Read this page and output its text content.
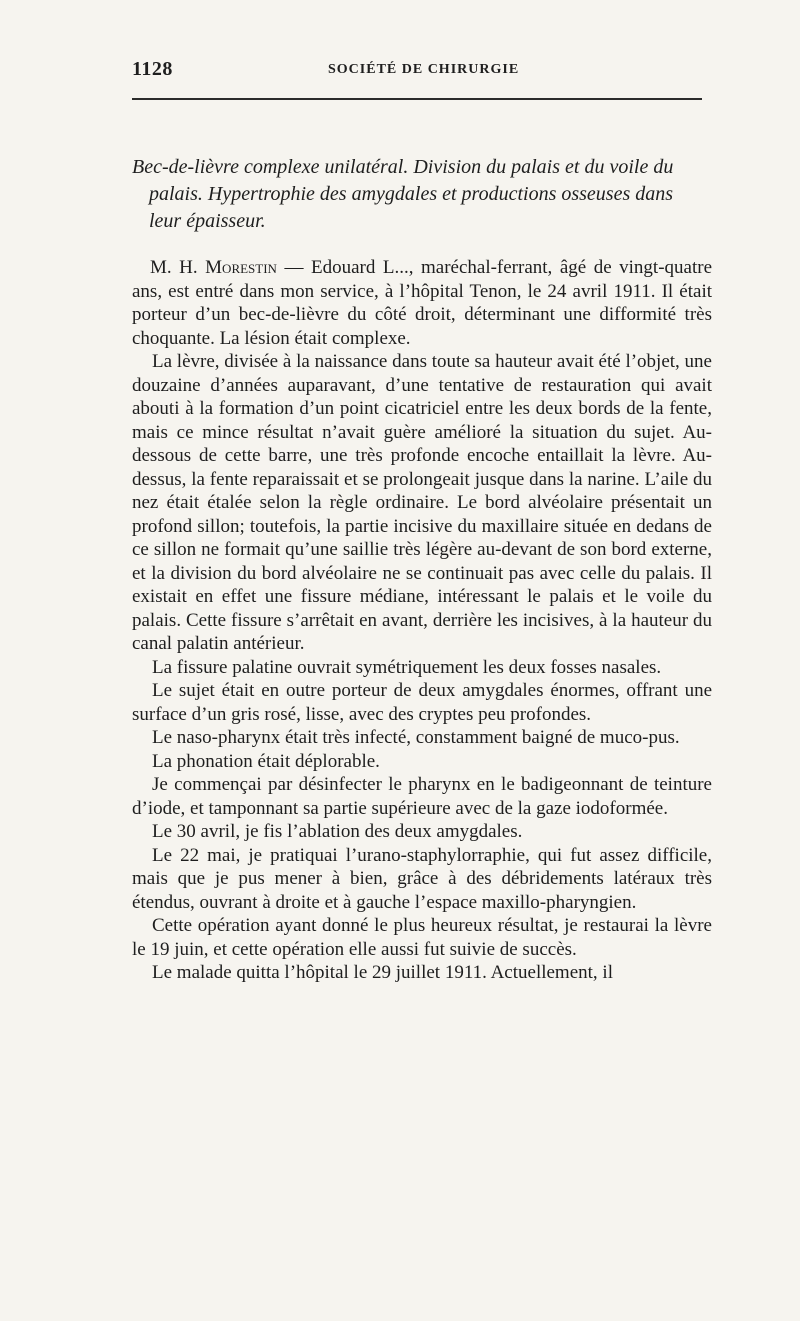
1128	SOCIÉTÉ DE CHIRURGIE
Bec-de-lièvre complexe unilatéral. Division du palais et du voile du
palais. Hypertrophie des amygdales et productions osseuses dans
leur épaisseur.

M. H. Morestin — Edouard L..., maréchal-ferrant, âgé de vingt-quatre ans, est entré dans mon service, à l’hôpital Tenon, le 24 avril 1911. Il était porteur d’un bec-de-lièvre du côté droit, déterminant une difformité très choquante. La lésion était complexe.

La lèvre, divisée à la naissance dans toute sa hauteur avait été l’objet, une douzaine d’années auparavant, d’une tentative de restauration qui avait abouti à la formation d’un point cicatriciel entre les deux bords de la fente, mais ce mince résultat n’avait guère amélioré la situation du sujet. Au-dessous de cette barre, une très profonde encoche entaillait la lèvre. Au-dessus, la fente reparaissait et se prolongeait jusque dans la narine. L’aile du nez était étalée selon la règle ordinaire. Le bord alvéolaire présentait un profond sillon; toutefois, la partie incisive du maxillaire située en dedans de ce sillon ne formait qu’une saillie très légère au-devant de son bord externe, et la division du bord alvéolaire ne se continuait pas avec celle du palais. Il existait en effet une fissure médiane, intéressant le palais et le voile du palais. Cette fissure s’arrêtait en avant, derrière les incisives, à la hauteur du canal palatin antérieur.

La fissure palatine ouvrait symétriquement les deux fosses nasales.

Le sujet était en outre porteur de deux amygdales énormes, offrant une surface d’un gris rosé, lisse, avec des cryptes peu profondes.

Le naso-pharynx était très infecté, constamment baigné de muco-pus.

La phonation était déplorable.

Je commençai par désinfecter le pharynx en le badigeonnant de teinture d’iode, et tamponnant sa partie supérieure avec de la gaze iodoformée.

Le 30 avril, je fis l’ablation des deux amygdales.

Le 22 mai, je pratiquai l’urano-staphylorraphie, qui fut assez difficile, mais que je pus mener à bien, grâce à des débridements latéraux très étendus, ouvrant à droite et à gauche l’espace maxillo-pharyngien.

Cette opération ayant donné le plus heureux résultat, je restaurai la lèvre le 19 juin, et cette opération elle aussi fut suivie de succès.

Le malade quitta l’hôpital le 29 juillet 1911. Actuellement, il
